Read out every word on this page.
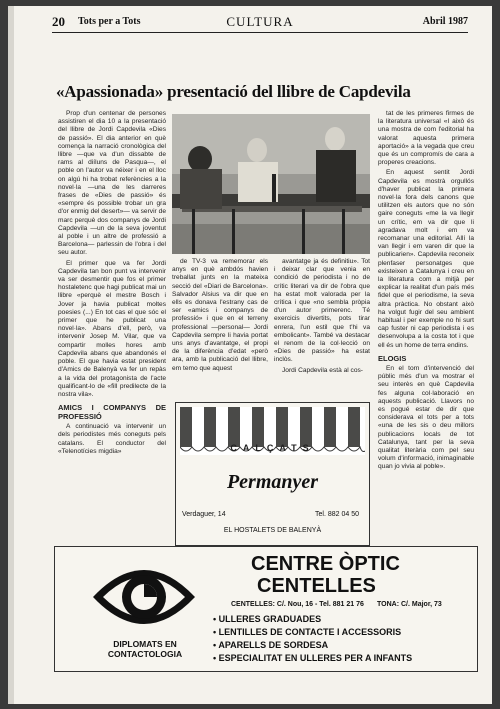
20 Tots per a Tots	CULTURA	Abril 1987
«Apassionada» presentació del llibre de Capdevila

Prop d'un centenar de persones assistiren el dia 10 a la presentació del llibre de Jordi Capdevila «Dies de passió». El dia anterior en què comença la narració cronològica del llibre —que va d'un dissabte de rams al diíluns de Pasqua—, el poble on l'autor va néixer i en el lloc on algú hi ha trobat referències a la novel·la —una de les darreres frases de «Dies de passió» és «sempre és possible trobar un gra d'or enmig del desert»— va servir de marc perquè dos companys de Jordi Capdevila —un de la seva joventut al poble i un altre de professió a Barcelona— parlessin de l'obra i del seu autor.

El primer que va fer Jordi Capdevila tan bon punt va intervenir va ser desmentir que fos el primer hostaletenc que hagi publicat mai un llibre «perquè el mestre Bosch i Jover ja havia publicat moltes poesies (...) En tot cas el que sóc el primer que he publicat una novel·la». Abans d'ell, però, va intervenir Josep M. Vilar, que va compartir molles hores amb Capdevila abans que abandonés el poble. El que havia estat president d'Amics de Balenyà va fer un repàs a la vida del protagonista de l'acte qualificant-lo de «fill predilecte de la nostra vila».

AMICS I COMPANYS DE PROFESSIÓ

A continuació va intervenir un dels periodistes més coneguts pels catalans. El conductor del «Telenotícies migdia»

de TV-3 va rememorar els anys en què ambdós havien treballat junts en la mateixa secció del «Diari de Barcelona». Salvador Alsius va dir que en ells es donava l'estrany cas de ser «amics i companys de professió» i que en el terreny professional —personal— Jordi Capdevila sempre li havia portat uns anys d'avantatge, el propi de la diferència d'edat «però ara, amb la publicació del llibre, em temo que aquest

avantatge ja és definitiu». Tot i deixar clar que venia en condició de periodista i no de crític literari va dir de l'obra que ha estat molt valorada per la crítica i que «no sembla pròpia d'un autor primerenc. Té exercicis divertits, pots tirar enrera, l'un estil que t'hi va embolicant». També va destacar el renom de la col·lecció on «Dies de passió» ha estat inclòs.

Jordi Capdevila està al cos-

tat de les primeres firmes de la literatura universal «I això és una mostra de com l'editorial ha valorat aquesta primera aportació» a la vegada que creu que és un compromís de cara a properes creacions.

En aquest sentit Jordi Capdevila es mostrà orgullós d'haver publicat la primera novel·la fora dels canons que utilitzen els autors que no són gaire coneguts «me la va llegir un crític, em va dir que li agradava molt i em va recomanar una editorial. Allí la van llegir i em varen dir que la publicarien». Capdevila reconeix plenfaser personatges que existeixen a Catalunya i creu en la literatura com a mitjà per explicar la realitat d'un país més fidel que el periodisme, la seva altra pràctica. No obstant això ha volgut fugir del seu ambient habitual i per exemple no hi surt cap fuster ni cap periodista i es desenvolupa a la costa tot i que ell és un home de terra endins.

ELOGIS

En el torn d'intervenció del públic més d'un va mostrar el seu interès en què Capdevila fes alguna col·laboració en aquests publicació. Llavors no es pogué estar de dir que considerava el tots per a tots «una de les sis o deu millors publicacions locals de tot Catalunya, tant per la seva qualitat literària com pel seu volum d'informació, inimaginable quan jo vivia al poble».

CALÇATS
Permanyer
Verdaguer, 14	Tel. 882 04 50
EL HOSTALETS DE BALENYÀ
DIPLOMATS EN
CONTACTOLOGIA
CENTRE ÒPTIC
CENTELLES
CENTELLES: C/. Nou, 16 - Tel. 881 21 76 TONA: C/. Major, 73
• ULLERES GRADUADES
• LENTILLES DE CONTACTE I ACCESSORIS
• APARELLS DE SORDESA
• ESPECIALITAT EN ULLERES PER A INFANTS
